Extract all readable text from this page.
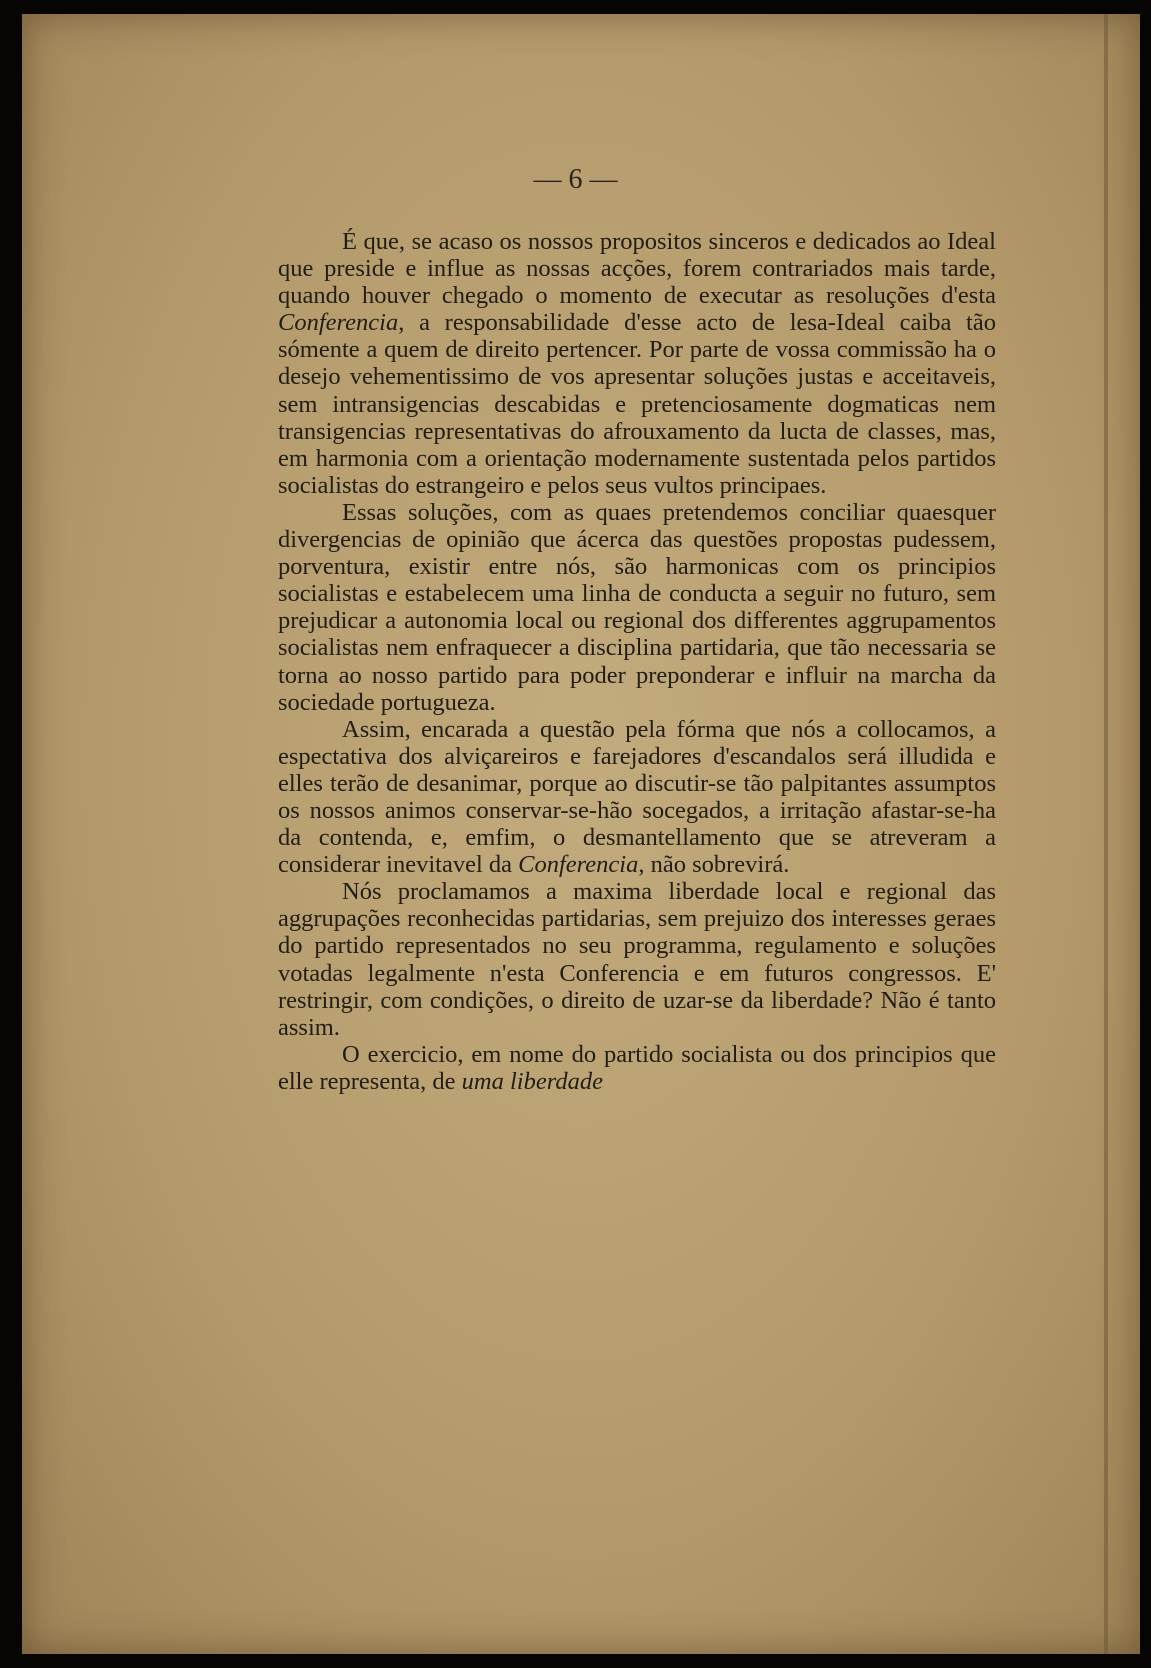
— 6 —

É que, se acaso os nossos propositos sinceros e dedicados ao Ideal que preside e influe as nossas acções, forem contrariados mais tarde, quando houver chegado o momento de executar as resoluções d'esta Conferencia, a responsabilidade d'esse acto de lesa-Ideal caiba tão sómente a quem de direito pertencer. Por parte de vossa commissão ha o desejo vehementissimo de vos apresentar soluções justas e acceitaveis, sem intransigencias descabidas e pretenciosamente dogmaticas nem transigencias representativas do afrouxamento da lucta de classes, mas, em harmonia com a orientação modernamente sustentada pelos partidos socialistas do estrangeiro e pelos seus vultos principaes.

Essas soluções, com as quaes pretendemos conciliar quaesquer divergencias de opinião que ácerca das questões propostas pudessem, porventura, existir entre nós, são harmonicas com os principios socialistas e estabelecem uma linha de conducta a seguir no futuro, sem prejudicar a autonomia local ou regional dos differentes aggrupamentos socialistas nem enfraquecer a disciplina partidaria, que tão necessaria se torna ao nosso partido para poder preponderar e influir na marcha da sociedade portugueza.

Assim, encarada a questão pela fórma que nós a collocamos, a espectativa dos alviçareiros e farejadores d'escandalos será illudida e elles terão de desanimar, porque ao discutir-se tão palpitantes assumptos os nossos animos conservar-se-hão socegados, a irritação afastar-se-ha da contenda, e, emfim, o desmantellamento que se atreveram a considerar inevitavel da Conferencia, não sobrevirá.

Nós proclamamos a maxima liberdade local e regional das aggrupações reconhecidas partidarias, sem prejuizo dos interesses geraes do partido representados no seu programma, regulamento e soluções votadas legalmente n'esta Conferencia e em futuros congressos. E' restringir, com condições, o direito de uzar-se da liberdade? Não é tanto assim.

O exercicio, em nome do partido socialista ou dos principios que elle representa, de uma liberdade
